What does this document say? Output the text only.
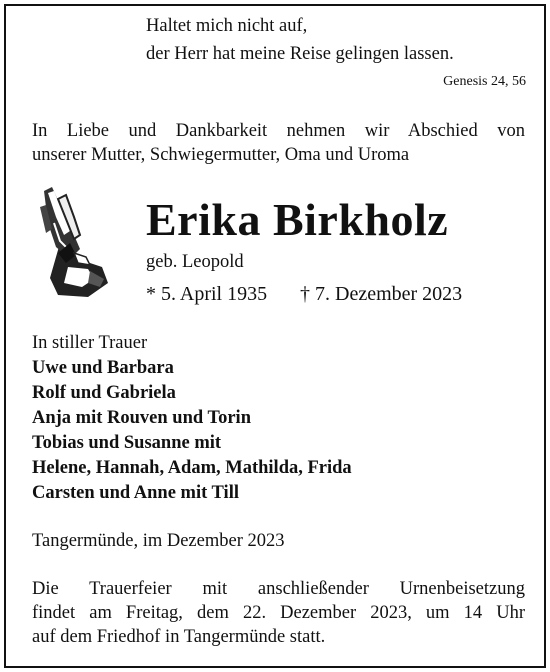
Haltet mich nicht auf,
der Herr hat meine Reise gelingen lassen.
Genesis 24, 56
In Liebe und Dankbarkeit nehmen wir Abschied von
unserer Mutter, Schwiegermutter, Oma und Uroma
Erika Birkholz
geb. Leopold
* 5. April 1935 † 7. Dezember 2023
In stiller Trauer
Uwe und Barbara
Rolf und Gabriela
Anja mit Rouven und Torin
Tobias und Susanne mit
Helene, Hannah, Adam, Mathilda, Frida
Carsten und Anne mit Till
Tangermünde, im Dezember 2023
Die Trauerfeier mit anschließender Urnenbeisetzung
findet am Freitag, dem 22. Dezember 2023, um 14 Uhr
auf dem Friedhof in Tangermünde statt.
